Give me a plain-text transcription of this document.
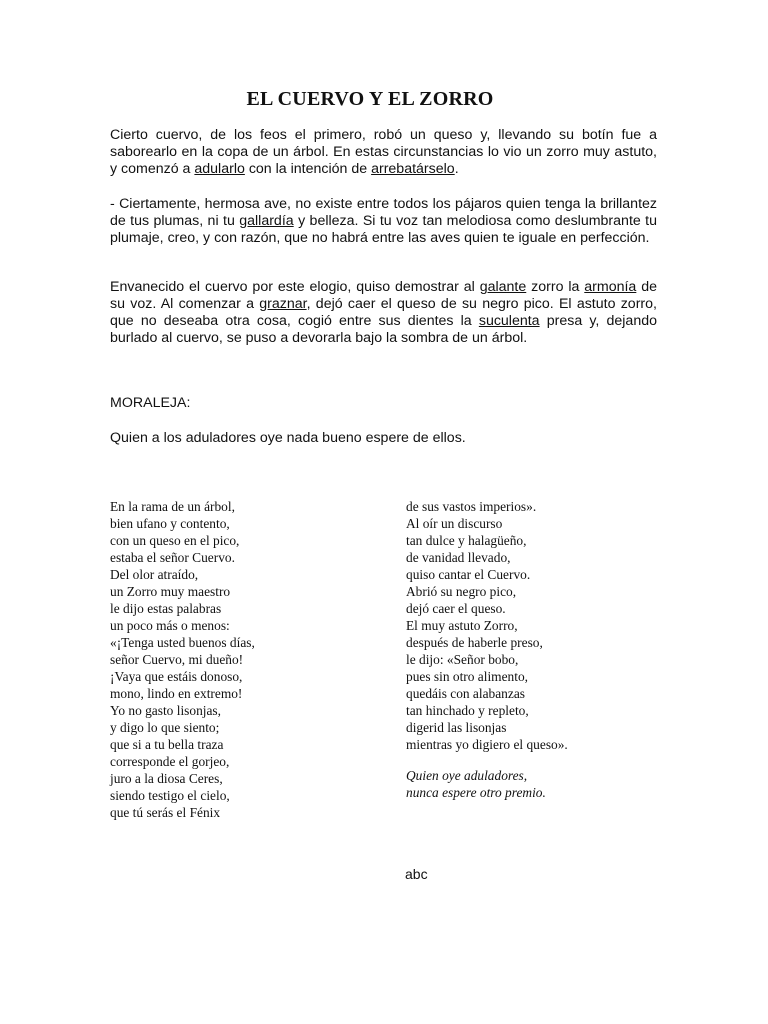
EL CUERVO Y EL ZORRO

Cierto cuervo, de los feos el primero, robó un queso y, llevando su botín fue a saborearlo en la copa de un árbol. En estas circunstancias lo vio un zorro muy astuto, y comenzó a adularlo con la intención de arrebatárselo.

- Ciertamente, hermosa ave, no existe entre todos los pájaros quien tenga la brillantez de tus plumas, ni tu gallardía y belleza. Si tu voz tan melodiosa como deslumbrante tu plumaje, creo, y con razón, que no habrá entre las aves quien te iguale en perfección.

Envanecido el cuervo por este elogio, quiso demostrar al galante zorro la armonía de su voz. Al comenzar a graznar, dejó caer el queso de su negro pico. El astuto zorro, que no deseaba otra cosa, cogió entre sus dientes la suculenta presa y, dejando burlado al cuervo, se puso a devorarla bajo la sombra de un árbol.

MORALEJA:

Quien a los aduladores oye nada bueno espere de ellos.

En la rama de un árbol,
bien ufano y contento,
con un queso en el pico,
estaba el señor Cuervo.
Del olor atraído,
un Zorro muy maestro
le dijo estas palabras
un poco más o menos:
«¡Tenga usted buenos días,
señor Cuervo, mi dueño!
¡Vaya que estáis donoso,
mono, lindo en extremo!
Yo no gasto lisonjas,
y digo lo que siento;
que si a tu bella traza
corresponde el gorjeo,
juro a la diosa Ceres,
siendo testigo el cielo,
que tú serás el Fénix
de sus vastos imperios».
Al oír un discurso
tan dulce y halagüeño,
de vanidad llevado,
quiso cantar el Cuervo.
Abrió su negro pico,
dejó caer el queso.
El muy astuto Zorro,
después de haberle preso,
le dijo: «Señor bobo,
pues sin otro alimento,
quedáis con alabanzas
tan hinchado y repleto,
digerid las lisonjas
mientras yo digiero el queso».
Quien oye aduladores,
nunca espere otro premio.
abc
